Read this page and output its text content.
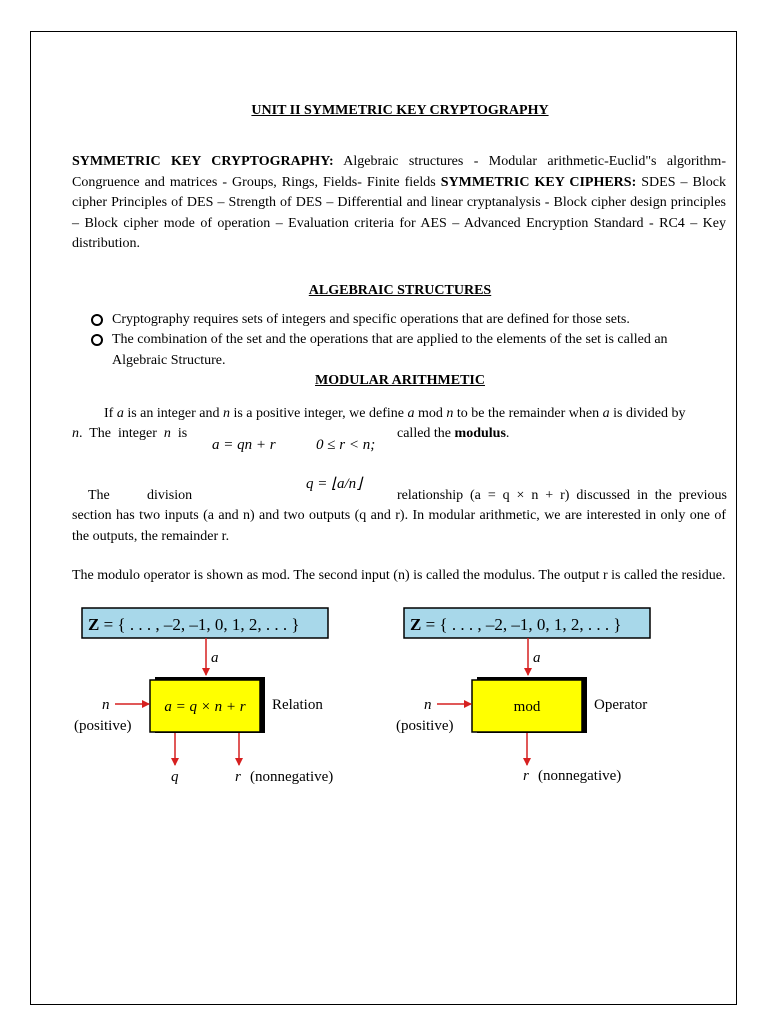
UNIT II SYMMETRIC KEY CRYPTOGRAPHY
SYMMETRIC KEY CRYPTOGRAPHY: Algebraic structures - Modular arithmetic-Euclid"s algorithm-Congruence and matrices - Groups, Rings, Fields- Finite fields SYMMETRIC KEY CIPHERS: SDES – Block cipher Principles of DES – Strength of DES – Differential and linear cryptanalysis - Block cipher design principles – Block cipher mode of operation – Evaluation criteria for AES – Advanced Encryption Standard - RC4 – Key distribution.
ALGEBRAIC STRUCTURES
Cryptography requires sets of integers and specific operations that are defined for those sets.
The combination of the set and the operations that are applied to the elements of the set is called an Algebraic Structure.
MODULAR ARITHMETIC
If a is an integer and n is a positive integer, we define a mod n to be the remainder when a is divided by
n.  The  integer  n  is	called the modulus.
a = qn + r	0 ≤ r < n;
q = ⌊a/n⌋
The	division	relationship (a = q × n + r) discussed in the previous
section has two inputs (a and n) and two outputs (q and r). In modular arithmetic, we are interested in only one of the outputs, the remainder r.
The modulo operator is shown as mod. The second input (n) is called the modulus. The output r is called the residue.
Z = { . . . , –2, –1, 0, 1, 2, . . . }
a
a = q × n + r Relation
n
(positive)
q	r (nonnegative)
Z = { . . . , –2, –1, 0, 1, 2, . . . }
a
mod	Operator
n
(positive)
r (nonnegative)
